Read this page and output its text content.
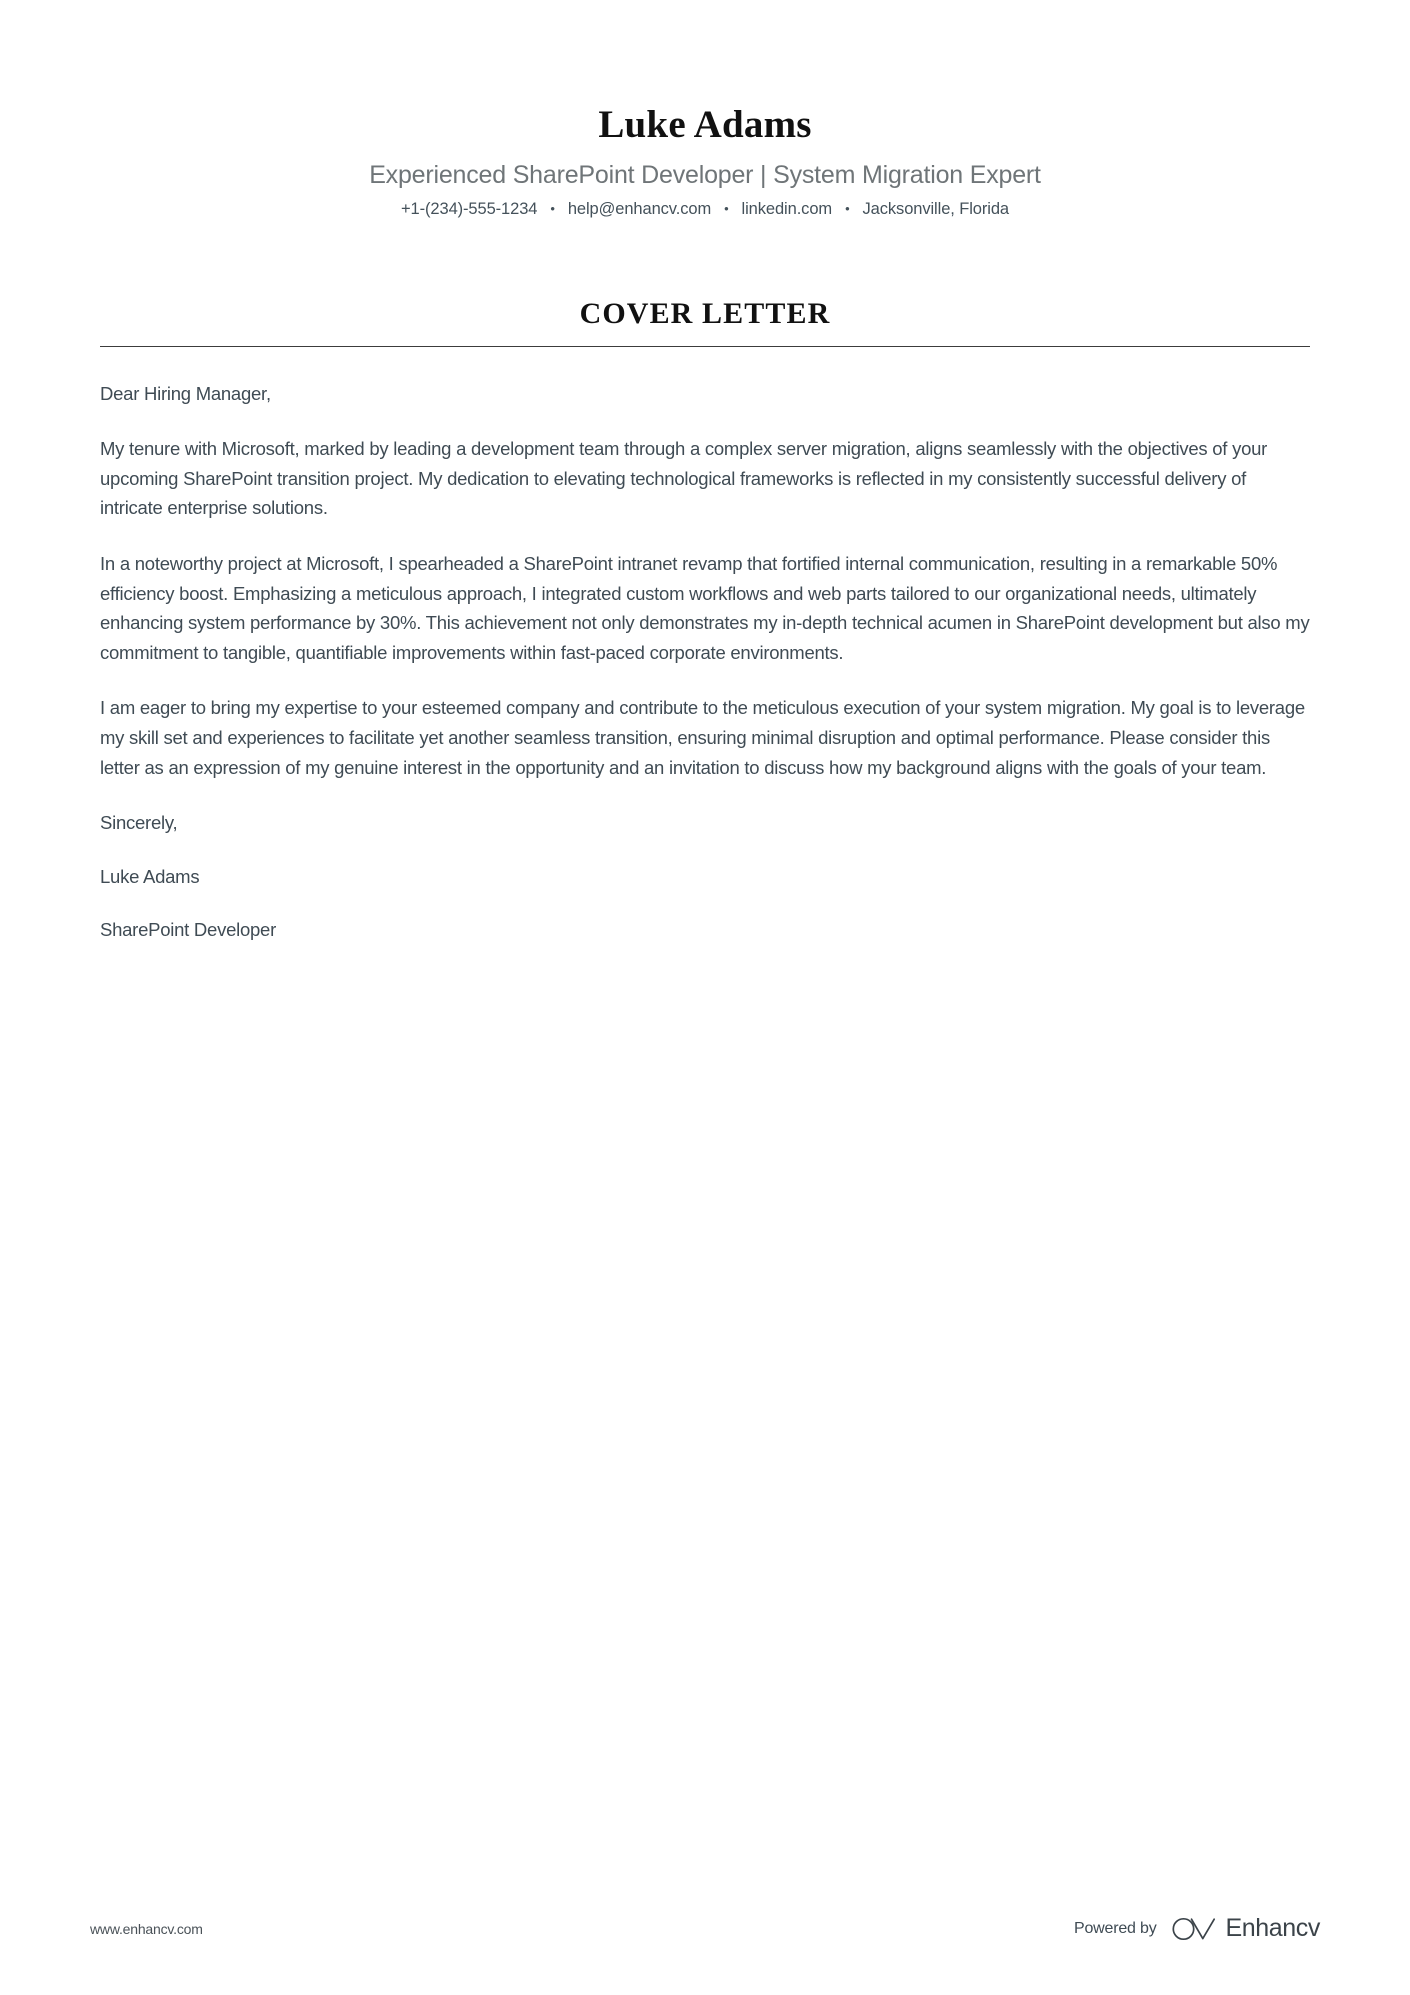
Luke Adams
Experienced SharePoint Developer | System Migration Expert
+1-(234)-555-1234 • help@enhancv.com • linkedin.com • Jacksonville, Florida
COVER LETTER

Dear Hiring Manager,

My tenure with Microsoft, marked by leading a development team through a complex server migration, aligns seamlessly with the objectives of your upcoming SharePoint transition project. My dedication to elevating technological frameworks is reflected in my consistently successful delivery of intricate enterprise solutions.

In a noteworthy project at Microsoft, I spearheaded a SharePoint intranet revamp that fortified internal communication, resulting in a remarkable 50% efficiency boost. Emphasizing a meticulous approach, I integrated custom workflows and web parts tailored to our organizational needs, ultimately enhancing system performance by 30%. This achievement not only demonstrates my in-depth technical acumen in SharePoint development but also my commitment to tangible, quantifiable improvements within fast-paced corporate environments.

I am eager to bring my expertise to your esteemed company and contribute to the meticulous execution of your system migration. My goal is to leverage my skill set and experiences to facilitate yet another seamless transition, ensuring minimal disruption and optimal performance. Please consider this letter as an expression of my genuine interest in the opportunity and an invitation to discuss how my background aligns with the goals of your team.

Sincerely,

Luke Adams

SharePoint Developer

www.enhancv.com	Powered by	Enhancv
